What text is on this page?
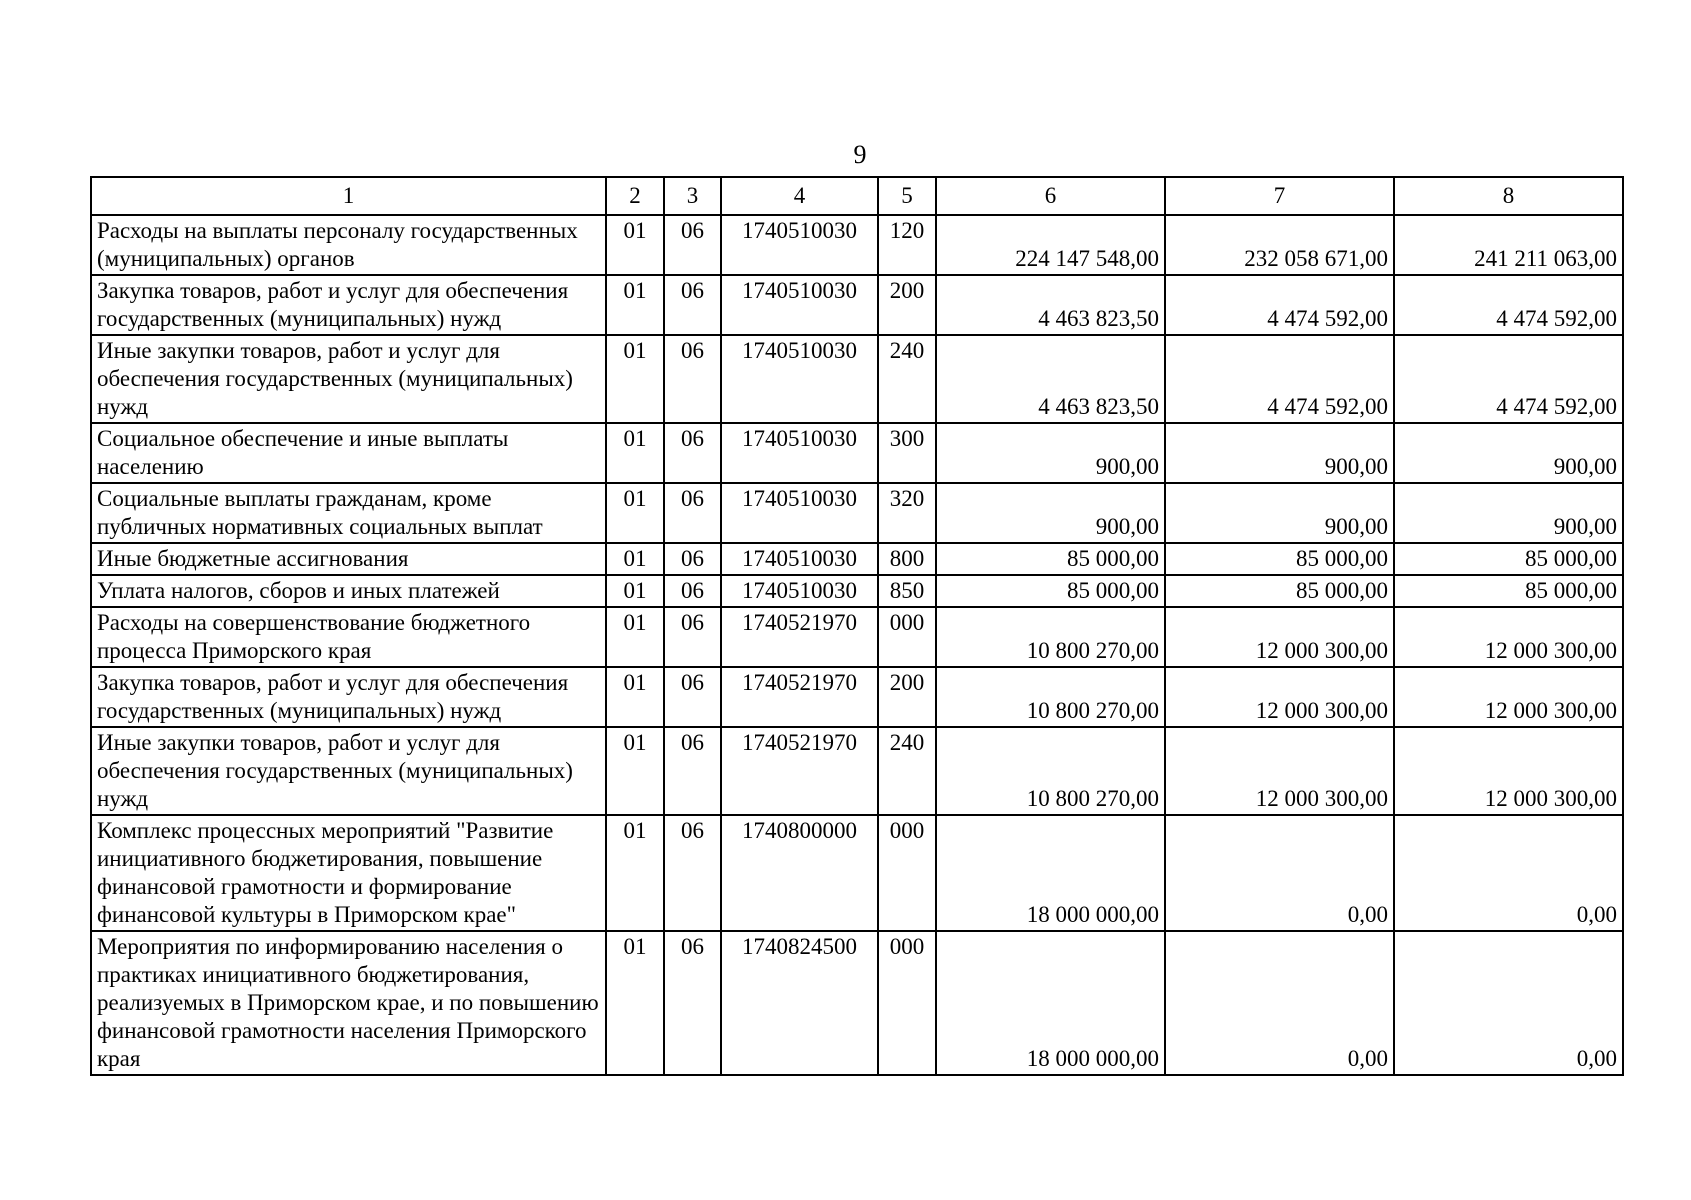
9
1	2	3	4	5	6	7	8
Расходы на выплаты персоналу государственных (муниципальных) органов	01	06	1740510030	120	224 147 548,00	232 058 671,00	241 211 063,00
Закупка товаров, работ и услуг для обеспечения государственных (муниципальных) нужд	01	06	1740510030	200	4 463 823,50	4 474 592,00	4 474 592,00
Иные закупки товаров, работ и услуг для обеспечения государственных (муниципальных) нужд	01	06	1740510030	240	4 463 823,50	4 474 592,00	4 474 592,00
Социальное обеспечение и иные выплаты населению	01	06	1740510030	300	900,00	900,00	900,00
Социальные выплаты гражданам, кроме публичных нормативных социальных выплат	01	06	1740510030	320	900,00	900,00	900,00
Иные бюджетные ассигнования	01	06	1740510030	800	85 000,00	85 000,00	85 000,00
Уплата налогов, сборов и иных платежей	01	06	1740510030	850	85 000,00	85 000,00	85 000,00
Расходы на совершенствование бюджетного процесса Приморского края	01	06	1740521970	000	10 800 270,00	12 000 300,00	12 000 300,00
Закупка товаров, работ и услуг для обеспечения государственных (муниципальных) нужд	01	06	1740521970	200	10 800 270,00	12 000 300,00	12 000 300,00
Иные закупки товаров, работ и услуг для обеспечения государственных (муниципальных) нужд	01	06	1740521970	240	10 800 270,00	12 000 300,00	12 000 300,00
Комплекс процессных мероприятий "Развитие инициативного бюджетирования, повышение финансовой грамотности и формирование финансовой культуры в Приморском крае"	01	06	1740800000	000	18 000 000,00	0,00	0,00
Мероприятия по информированию населения о практиках инициативного бюджетирования, реализуемых в Приморском крае, и по повышению финансовой грамотности населения Приморского края	01	06	1740824500	000	18 000 000,00	0,00	0,00
